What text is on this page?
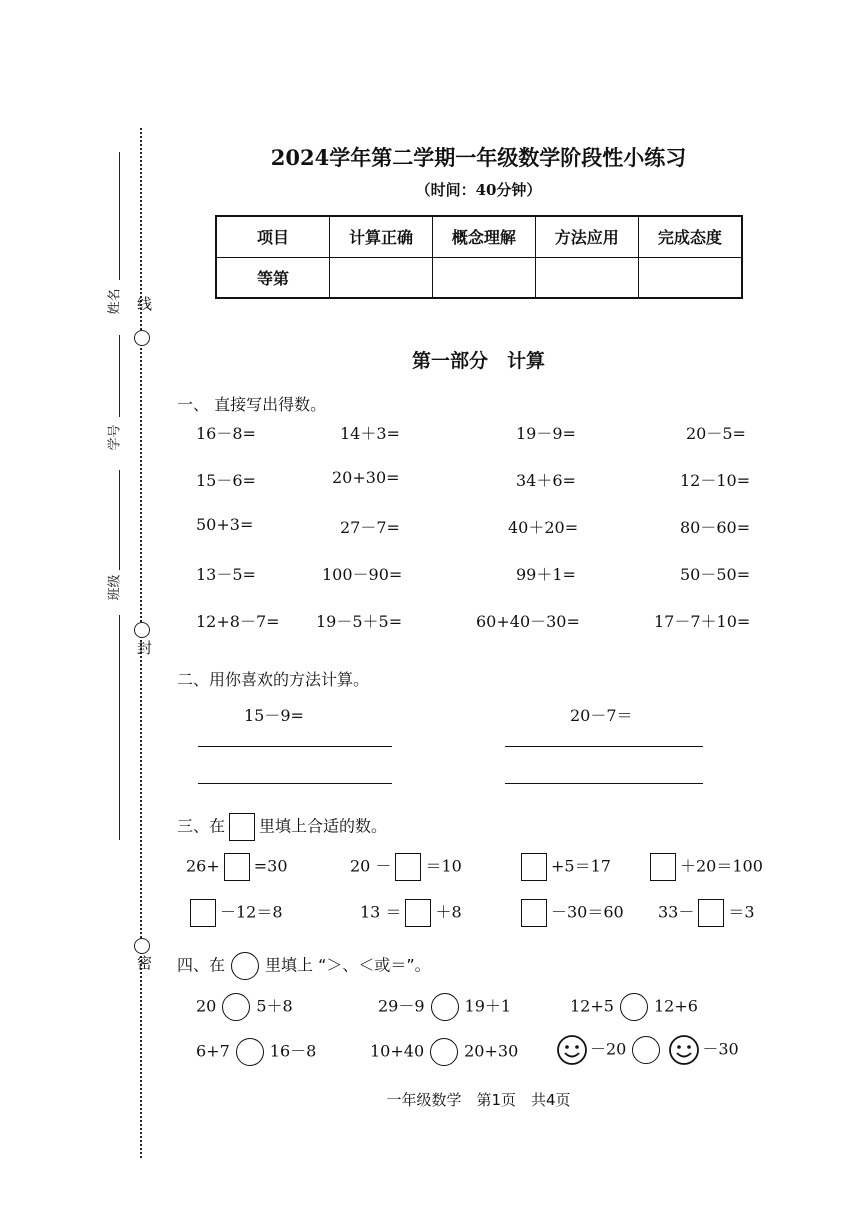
线
封
密
姓名
学号
班级
2024学年第二学期一年级数学阶段性小练习
（时间：40分钟）
项目	计算正确	概念理解	方法应用	完成态度
等第				
第一部分　计算
一、 直接写出得数。
16－8=	14＋3=	19－9=	20－5=
15－6=	20+30=	34＋6=	12－10=
50+3=	27－7=	40＋20=	80－60=
13－5=	100－90=	99＋1=	50－50=
12+8－7= 19－5＋5=	60+40－30=	17－7＋10=
二、用你喜欢的方法计算。
15－9=	20－7＝
三、在 里填上合适的数。
26+ =30	20 － ＝10	+5＝17	＋20＝100
－12＝8	13 ＝ ＋8	－30＝60 33－ ＝3
四、在	里填上 “＞、＜或＝”。
20	5＋8	29－9	19＋1	12+5	12+6
6+7	16－8	10+40	20+30	－20	－30
一年级数学　第1页　共4页
